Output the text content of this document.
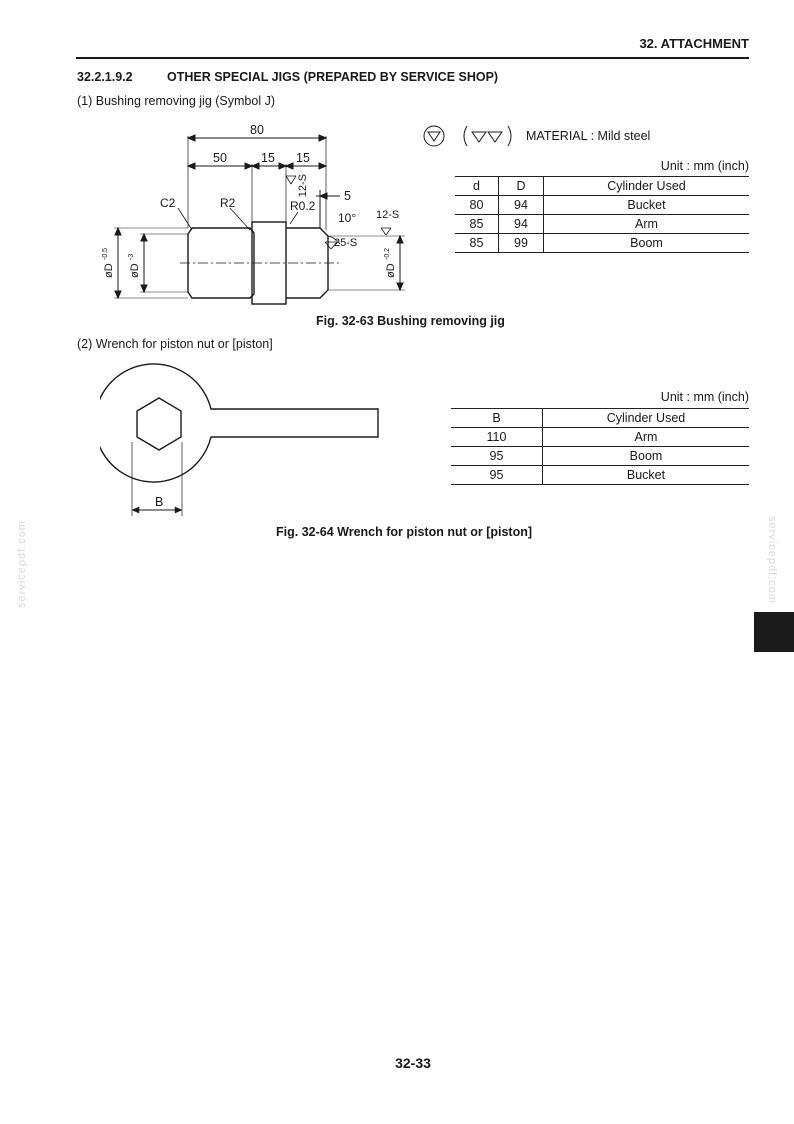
32. ATTACHMENT
32.2.1.9.2	OTHER SPECIAL JIGS (PREPARED BY SERVICE SHOP)
(1) Bushing removing jig (Symbol J)
80
50	15 15
C2	R2	R0.2
12-S	5
10° 12-S
25-S
øD
-0.5
øD
-3
øD
-0.2
MATERIAL : Mild steel
Unit : mm (inch)
d	D	Cylinder Used
80	94	Bucket
85	94	Arm
85	99	Boom
Fig. 32-63 Bushing removing jig
(2) Wrench for piston nut or [piston]
B
Unit : mm (inch)
B	Cylinder Used
110	Arm
95	Boom
95	Bucket
Fig. 32-64 Wrench for piston nut or [piston]
servicepdf.com	servicepdf.com
32-33
